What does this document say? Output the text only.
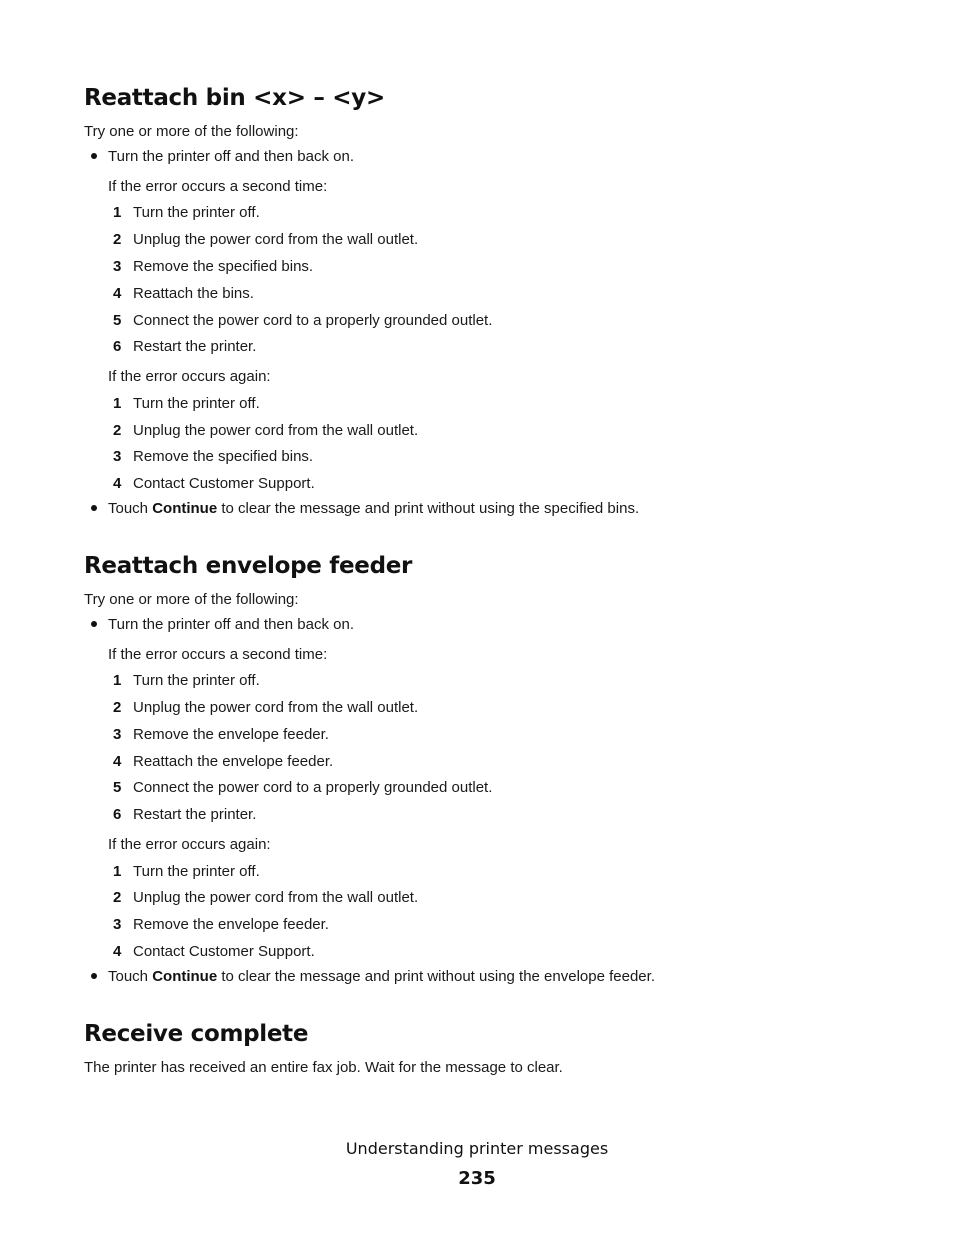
Reattach bin <x> – <y>

Try one or more of the following:

Turn the printer off and then back on.

If the error occurs a second time:

1 Turn the printer off.

2 Unplug the power cord from the wall outlet.

3 Remove the specified bins.

4 Reattach the bins.

5 Connect the power cord to a properly grounded outlet.

6 Restart the printer.

If the error occurs again:

1 Turn the printer off.

2 Unplug the power cord from the wall outlet.

3 Remove the specified bins.

4 Contact Customer Support.

Touch Continue to clear the message and print without using the specified bins.

Reattach envelope feeder

Try one or more of the following:

Turn the printer off and then back on.

If the error occurs a second time:

1 Turn the printer off.

2 Unplug the power cord from the wall outlet.

3 Remove the envelope feeder.

4 Reattach the envelope feeder.

5 Connect the power cord to a properly grounded outlet.

6 Restart the printer.

If the error occurs again:

1 Turn the printer off.

2 Unplug the power cord from the wall outlet.

3 Remove the envelope feeder.

4 Contact Customer Support.

Touch Continue to clear the message and print without using the envelope feeder.

Receive complete

The printer has received an entire fax job. Wait for the message to clear.

Understanding printer messages
235
